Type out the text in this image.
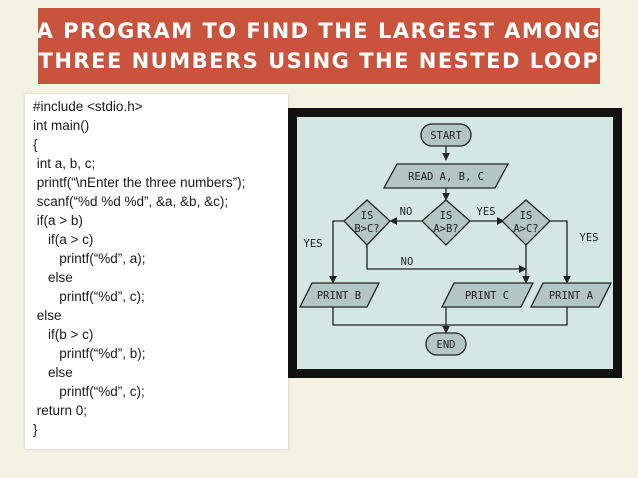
A PROGRAM TO FIND THE LARGEST AMONG
THREE NUMBERS USING THE NESTED LOOP
#include <stdio.h>
int main()
{
int a, b, c;
printf(“\nEnter the three numbers”);
scanf(“%d %d %d”, &a, &b, &c);
if(a > b)
if(a > c)
printf(“%d”, a);
else
printf(“%d”, c);
else
if(b > c)
printf(“%d”, b);
else
printf(“%d”, c);
return 0;
}
START
READ A, B, C
IS
A>B?
IS
B>C?
IS
A>C?
NO	YES
YES	YES
NO
PRINT B	PRINT C	PRINT A
END
